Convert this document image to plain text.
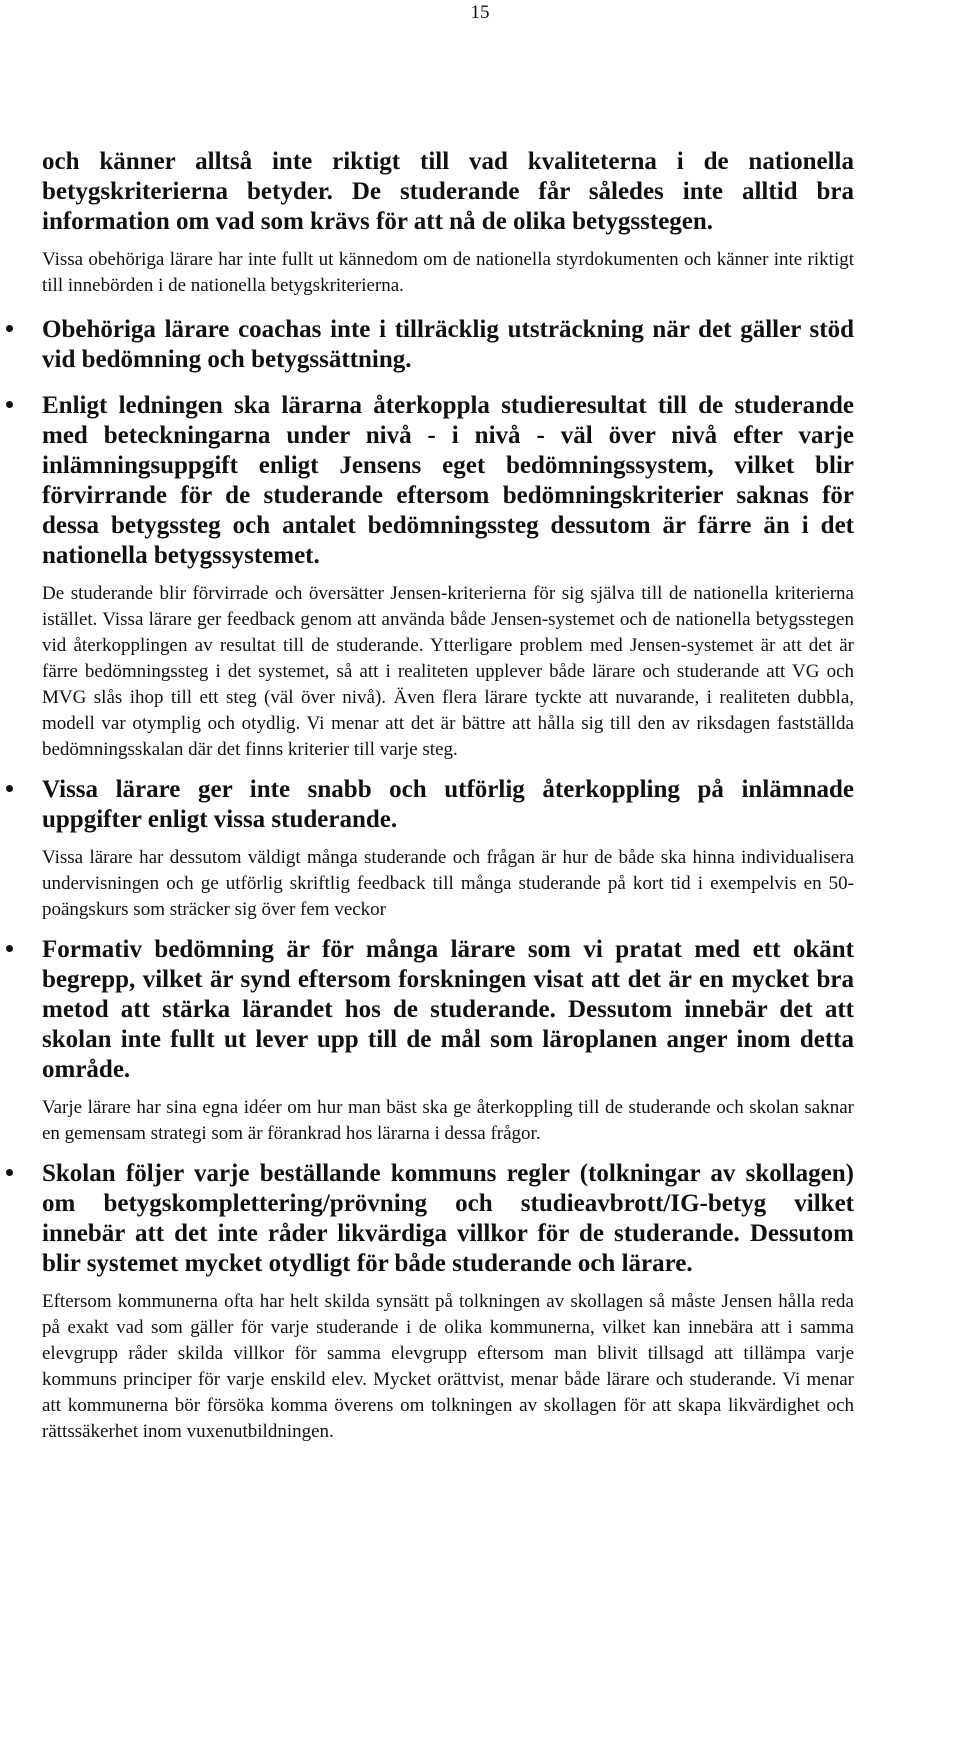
15

och känner alltså inte riktigt till vad kvaliteterna i de nationella betygskriterierna betyder. De studerande får således inte alltid bra information om vad som krävs för att nå de olika betygsstegen.

Vissa obehöriga lärare har inte fullt ut kännedom om de nationella styrdokumenten och känner inte riktigt till innebörden i de nationella betygskriterierna.

Obehöriga lärare coachas inte i tillräcklig utsträckning när det gäller stöd vid bedömning och betygssättning.

Enligt ledningen ska lärarna återkoppla studieresultat till de studerande med beteckningarna under nivå - i nivå - väl över nivå efter varje inlämningsuppgift enligt Jensens eget bedömningssystem, vilket blir förvirrande för de studerande eftersom bedömningskriterier saknas för dessa betygssteg och antalet bedömningssteg dessutom är färre än i det nationella betygssystemet.

De studerande blir förvirrade och översätter Jensen-kriterierna för sig själva till de nationella kriterierna istället. Vissa lärare ger feedback genom att använda både Jensen-systemet och de nationella betygsstegen vid återkopplingen av resultat till de studerande. Ytterligare problem med Jensen-systemet är att det är färre bedömningssteg i det systemet, så att i realiteten upplever både lärare och studerande att VG och MVG slås ihop till ett steg (väl över nivå). Även flera lärare tyckte att nuvarande, i realiteten dubbla, modell var otymplig och otydlig. Vi menar att det är bättre att hålla sig till den av riksdagen fastställda bedömningsskalan där det finns kriterier till varje steg.

Vissa lärare ger inte snabb och utförlig återkoppling på inlämnade uppgifter enligt vissa studerande.

Vissa lärare har dessutom väldigt många studerande och frågan är hur de både ska hinna individualisera undervisningen och ge utförlig skriftlig feedback till många studerande på kort tid i exempelvis en 50-poängskurs som sträcker sig över fem veckor

Formativ bedömning är för många lärare som vi pratat med ett okänt begrepp, vilket är synd eftersom forskningen visat att det är en mycket bra metod att stärka lärandet hos de studerande. Dessutom innebär det att skolan inte fullt ut lever upp till de mål som läroplanen anger inom detta område.

Varje lärare har sina egna idéer om hur man bäst ska ge återkoppling till de studerande och skolan saknar en gemensam strategi som är förankrad hos lärarna i dessa frågor.

Skolan följer varje beställande kommuns regler (tolkningar av skollagen) om betygskomplettering/prövning och studieavbrott/IG-betyg vilket innebär att det inte råder likvärdiga villkor för de studerande. Dessutom blir systemet mycket otydligt för både studerande och lärare.

Eftersom kommunerna ofta har helt skilda synsätt på tolkningen av skollagen så måste Jensen hålla reda på exakt vad som gäller för varje studerande i de olika kommunerna, vilket kan innebära att i samma elevgrupp råder skilda villkor för samma elevgrupp eftersom man blivit tillsagd att tillämpa varje kommuns principer för varje enskild elev. Mycket orättvist, menar både lärare och studerande. Vi menar att kommunerna bör försöka komma överens om tolkningen av skollagen för att skapa likvärdighet och rättssäkerhet inom vuxenutbildningen.
